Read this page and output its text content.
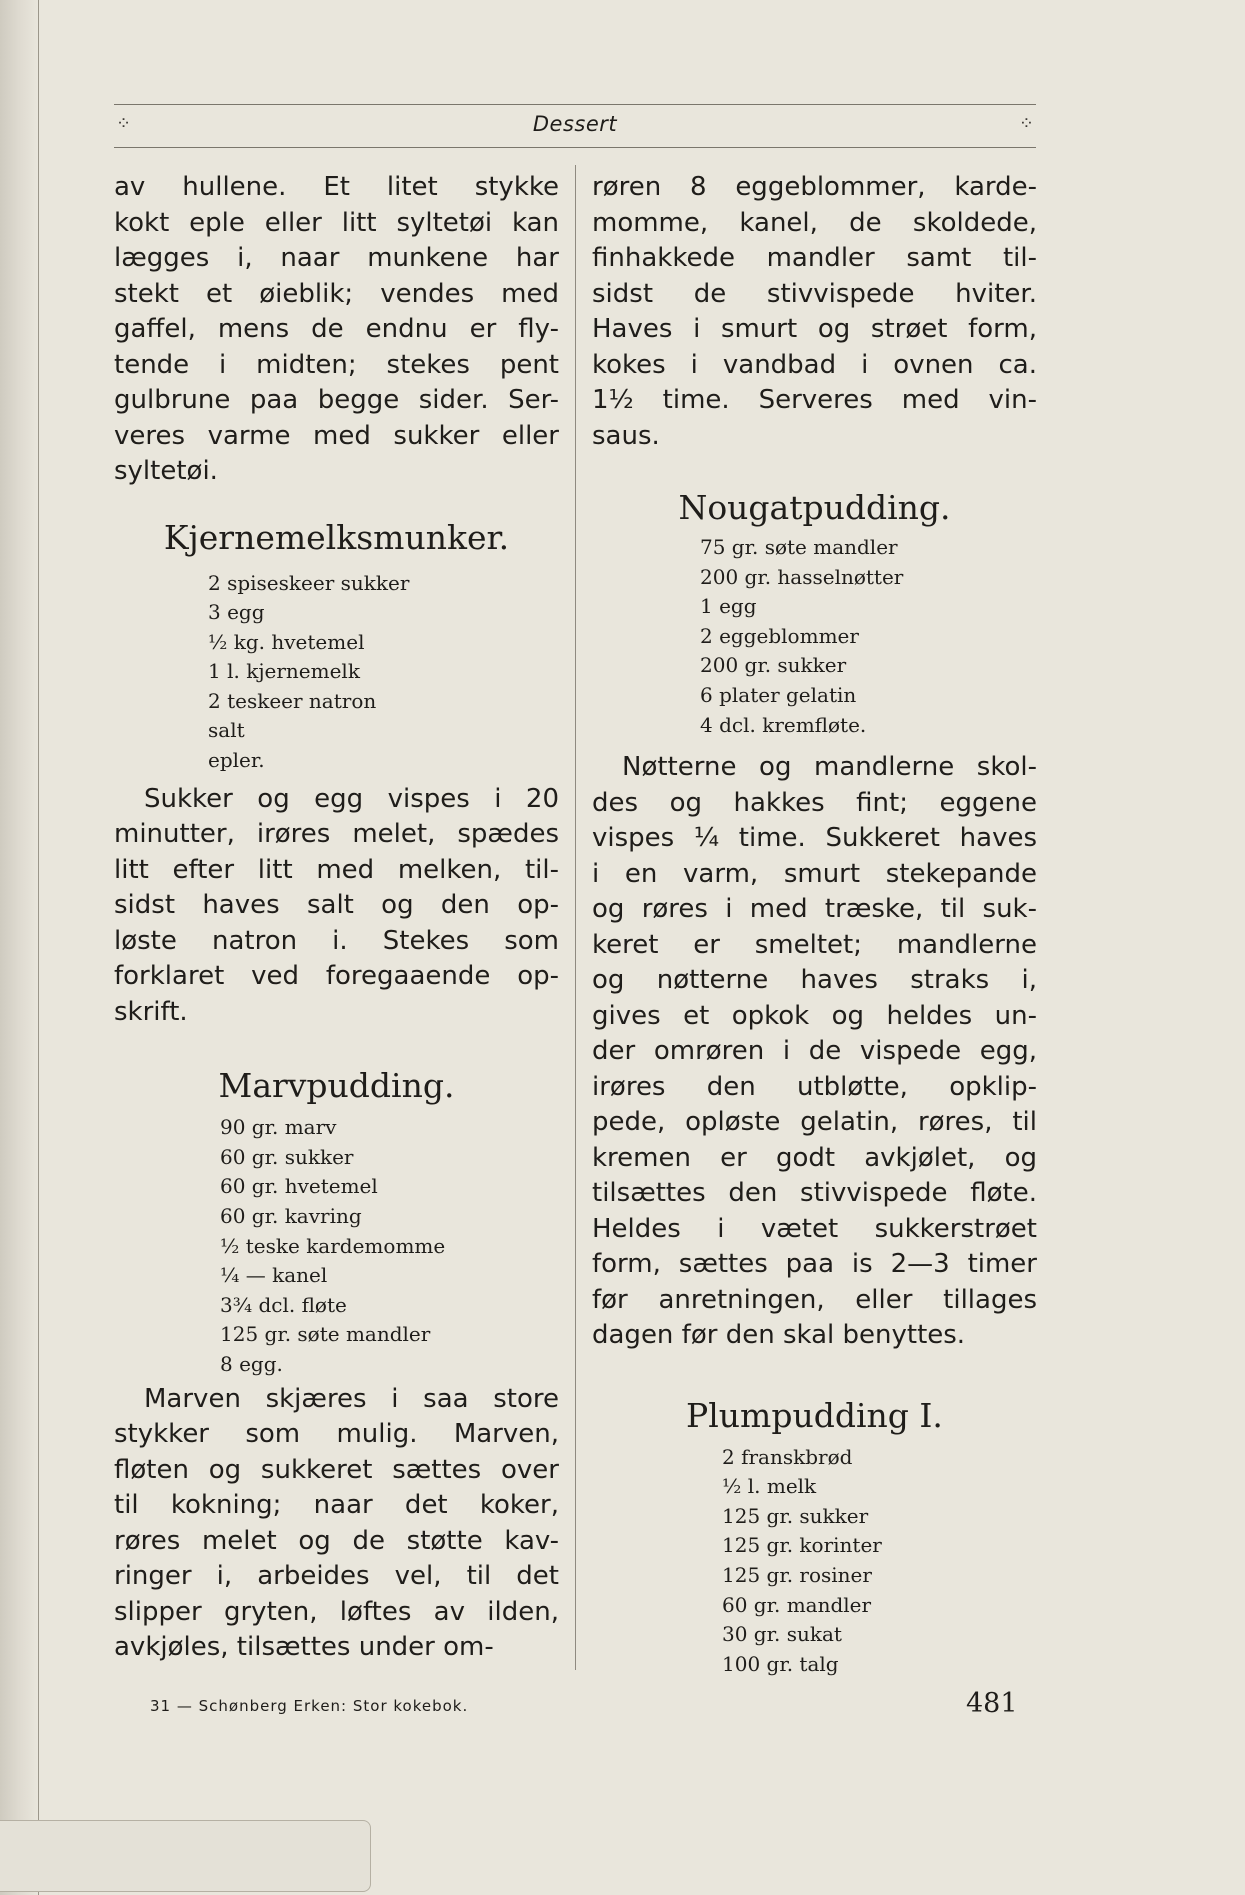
⁘	Dessert	⁘

av hullene. Et litet stykke
kokt eple eller litt syltetøi kan
lægges i, naar munkene har
stekt et øieblik; vendes med
gaffel, mens de endnu er fly-
tende i midten; stekes pent
gulbrune paa begge sider. Ser-
veres varme med sukker eller
syltetøi.

Kjernemelksmunker.
2 spiseskeer sukker
3 egg
½ kg. hvetemel
1 l. kjernemelk
2 teskeer natron
salt
epler.

Sukker og egg vispes i 20
minutter, irøres melet, spædes
litt efter litt med melken, til-
sidst haves salt og den op-
løste natron i. Stekes som
forklaret ved foregaaende op-
skrift.

Marvpudding.
90 gr. marv
60 gr. sukker
60 gr. hvetemel
60 gr. kavring
½ teske kardemomme
¼ — kanel
3¾ dcl. fløte
125 gr. søte mandler
8 egg.

Marven skjæres i saa store
stykker som mulig. Marven,
fløten og sukkeret sættes over
til kokning; naar det koker,
røres melet og de støtte kav-
ringer i, arbeides vel, til det
slipper gryten, løftes av ilden,
avkjøles, tilsættes under om-

røren 8 eggeblommer, karde-
momme, kanel, de skoldede,
finhakkede mandler samt til-
sidst de stivvispede hviter.
Haves i smurt og strøet form,
kokes i vandbad i ovnen ca.
1½ time. Serveres med vin-
saus.

Nougatpudding.
75 gr. søte mandler
200 gr. hasselnøtter
1 egg
2 eggeblommer
200 gr. sukker
6 plater gelatin
4 dcl. kremfløte.

Nøtterne og mandlerne skol-
des og hakkes fint; eggene
vispes ¼ time. Sukkeret haves
i en varm, smurt stekepande
og røres i med træske, til suk-
keret er smeltet; mandlerne
og nøtterne haves straks i,
gives et opkok og heldes un-
der omrøren i de vispede egg,
irøres den utbløtte, opklip-
pede, opløste gelatin, røres, til
kremen er godt avkjølet, og
tilsættes den stivvispede fløte.
Heldes i vætet sukkerstrøet
form, sættes paa is 2—3 timer
før anretningen, eller tillages
dagen før den skal benyttes.

Plumpudding I.
2 franskbrød
½ l. melk
125 gr. sukker
125 gr. korinter
125 gr. rosiner
60 gr. mandler
30 gr. sukat
100 gr. talg
31 — Schønberg Erken: Stor kokebok.	481
